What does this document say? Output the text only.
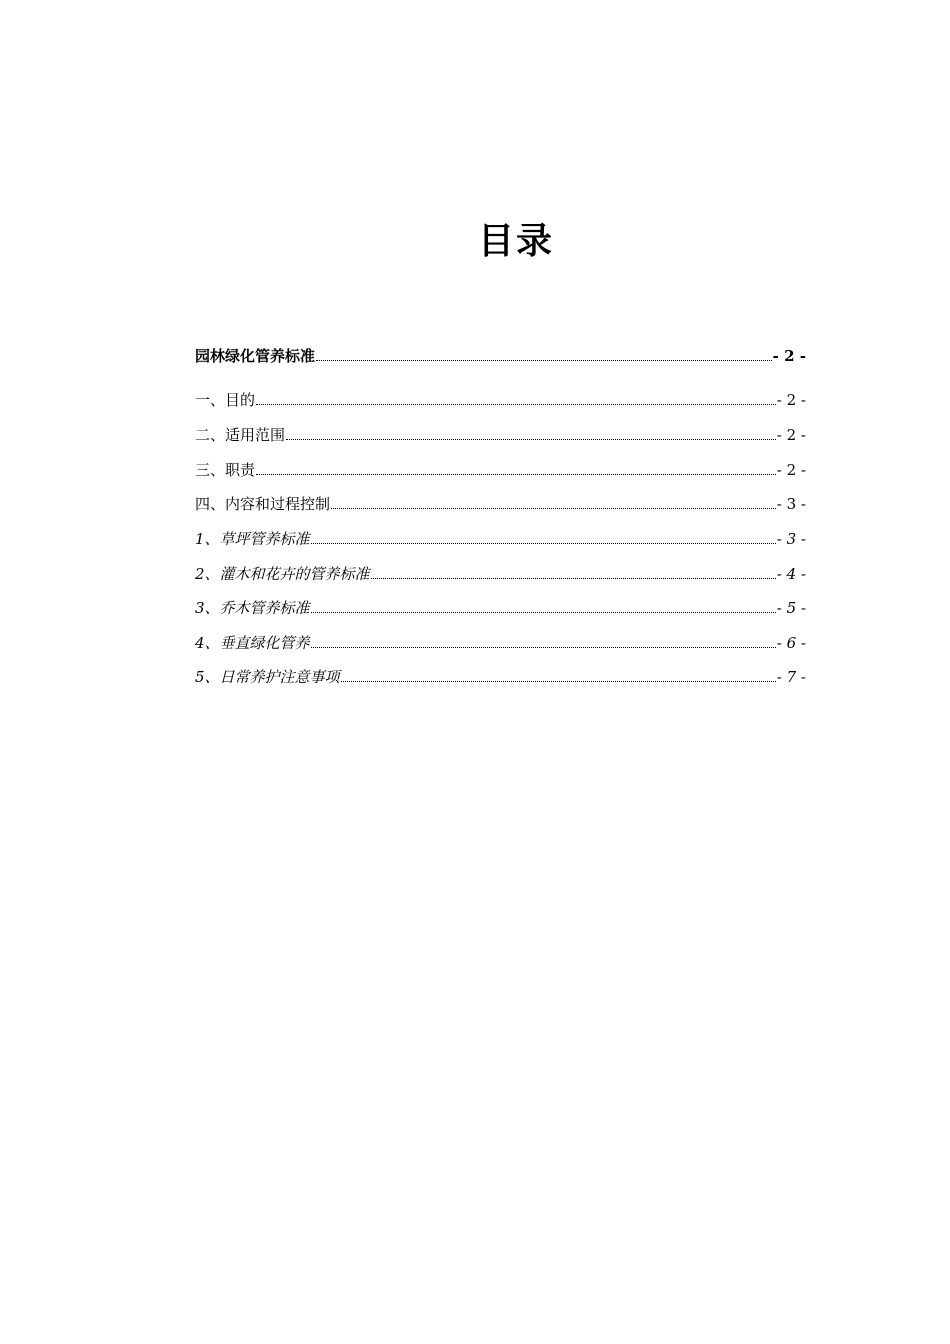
目录
园林绿化管养标准	- 2 -
一、目的	- 2 -
二、适用范围	- 2 -
三、职责	- 2 -
四、内容和过程控制	- 3 -
1、草坪管养标准	- 3 -
2、灌木和花卉的管养标准	- 4 -
3、乔木管养标准	- 5 -
4、垂直绿化管养	- 6 -
5、日常养护注意事项	- 7 -
